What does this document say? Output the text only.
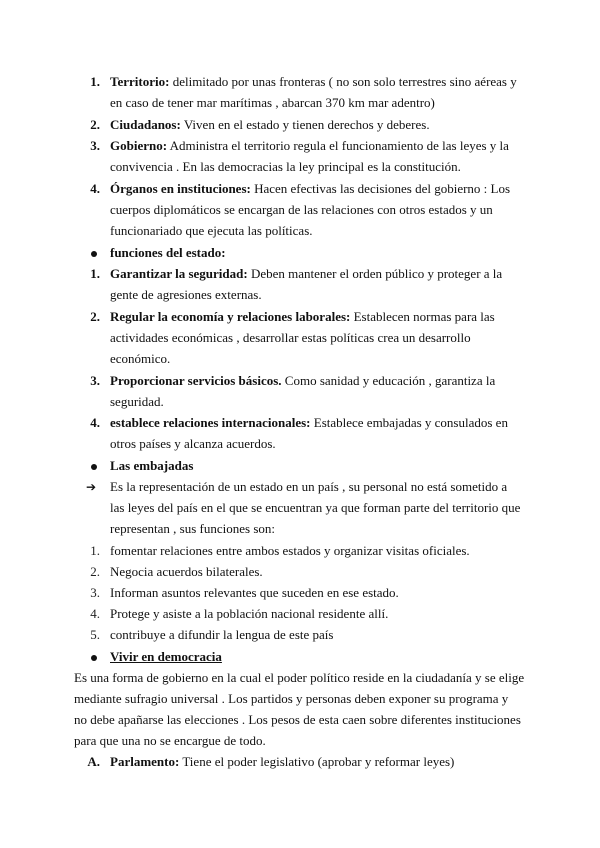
1. Territorio: delimitado por unas fronteras ( no son solo terrestres sino aéreas y
en caso de tener mar marítimas , abarcan 370 km mar adentro)
2. Ciudadanos: Viven en el estado y tienen derechos y deberes.
3. Gobierno: Administra el territorio regula el funcionamiento de las leyes y la
convivencia . En las democracias la ley principal es la constitución.
4. Órganos en instituciones: Hacen efectivas las decisiones del gobierno : Los
cuerpos diplomáticos se encargan de las relaciones con otros estados y un
funcionariado que ejecuta las políticas.
funciones del estado:
1. Garantizar la seguridad: Deben mantener el orden público y proteger a la
gente de agresiones externas.
2. Regular la economía y relaciones laborales: Establecen normas para las
actividades económicas , desarrollar estas políticas crea un desarrollo
económico.
3. Proporcionar servicios básicos. Como sanidad y educación , garantiza la
seguridad.
4. establece relaciones internacionales: Establece embajadas y consulados en
otros países y alcanza acuerdos.
Las embajadas
➔ Es la representación de un estado en un país , su personal no está sometido a
las leyes del país en el que se encuentran ya que forman parte del territorio que
representan , sus funciones son:
1. fomentar relaciones entre ambos estados y organizar visitas oficiales.
2. Negocia acuerdos bilaterales.
3. Informan asuntos relevantes que suceden en ese estado.
4. Protege y asiste a la población nacional residente allí.
5. contribuye a difundir la lengua de este país
Vivir en democracia
Es una forma de gobierno en la cual el poder político reside en la ciudadanía y se elige
mediante sufragio universal . Los partidos y personas deben exponer su programa y
no debe apañarse las elecciones . Los pesos de esta caen sobre diferentes instituciones
para que una no se encargue de todo.
A. Parlamento: Tiene el poder legislativo (aprobar y reformar leyes)
